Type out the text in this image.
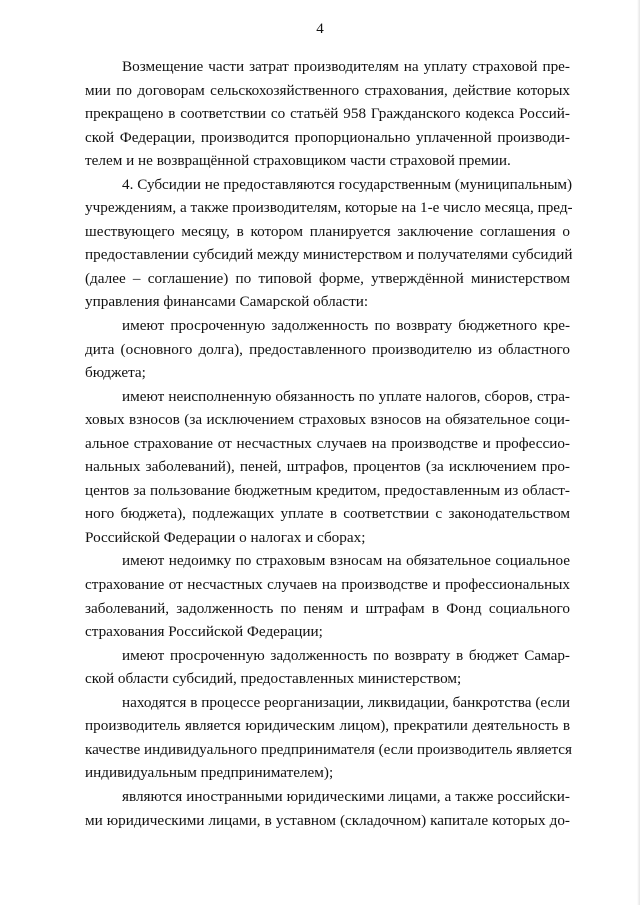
4
Возмещение части затрат производителям на уплату страховой пре-
мии по договорам сельскохозяйственного страхования, действие которых
прекращено в соответствии со статьёй 958 Гражданского кодекса Россий-
ской Федерации, производится пропорционально уплаченной производи-
телем и не возвращённой страховщиком части страховой премии.
4. Субсидии не предоставляются государственным (муниципальным)
учреждениям, а также производителям, которые на 1-е число месяца, пред-
шествующего месяцу, в котором планируется заключение соглашения о
предоставлении субсидий между министерством и получателями субсидий
(далее – соглашение) по типовой форме, утверждённой министерством
управления финансами Самарской области:
имеют просроченную задолженность по возврату бюджетного кре-
дита (основного долга), предоставленного производителю из областного
бюджета;
имеют неисполненную обязанность по уплате налогов, сборов, стра-
ховых взносов (за исключением страховых взносов на обязательное соци-
альное страхование от несчастных случаев на производстве и профессио-
нальных заболеваний), пеней, штрафов, процентов (за исключением про-
центов за пользование бюджетным кредитом, предоставленным из област-
ного бюджета), подлежащих уплате в соответствии с законодательством
Российской Федерации о налогах и сборах;
имеют недоимку по страховым взносам на обязательное социальное
страхование от несчастных случаев на производстве и профессиональных
заболеваний, задолженность по пеням и штрафам в Фонд социального
страхования Российской Федерации;
имеют просроченную задолженность по возврату в бюджет Самар-
ской области субсидий, предоставленных министерством;
находятся в процессе реорганизации, ликвидации, банкротства (если
производитель является юридическим лицом), прекратили деятельность в
качестве индивидуального предпринимателя (если производитель является
индивидуальным предпринимателем);
являются иностранными юридическими лицами, а также российски-
ми юридическими лицами, в уставном (складочном) капитале которых до-
